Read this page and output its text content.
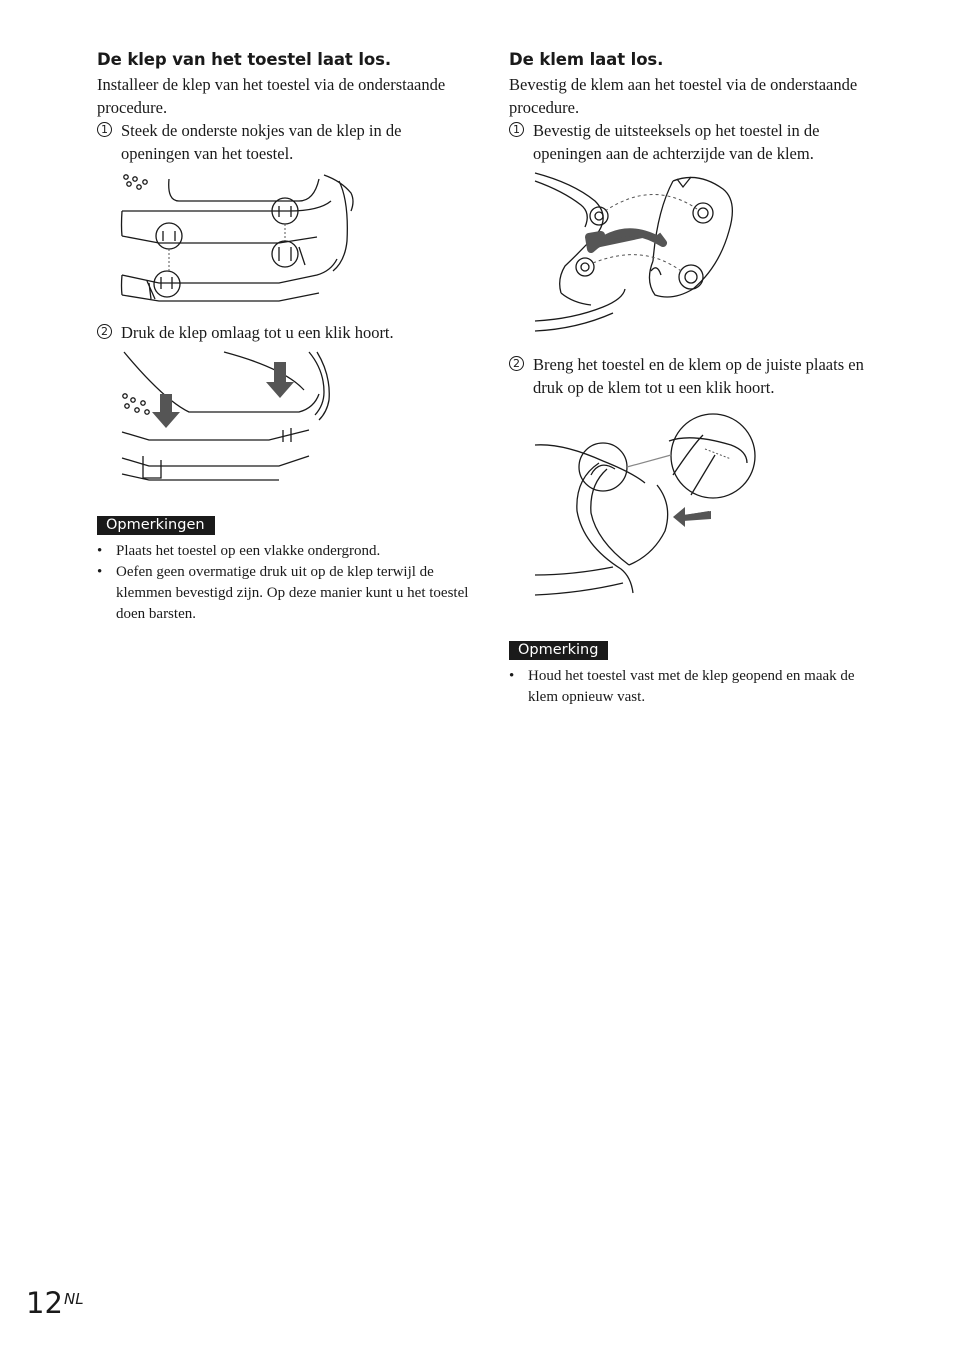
De klep van het toestel laat los.

Installeer de klep van het toestel via de onderstaande procedure.

1 Steek de onderste nokjes van de klep in de openingen van het toestel.

2 Druk de klep omlaag tot u een klik hoort.

Opmerkingen
• Plaats het toestel op een vlakke ondergrond.
• Oefen geen overmatige druk uit op de klep terwijl de klemmen bevestigd zijn. Op deze manier kunt u het toestel doen barsten.
De klem laat los.

Bevestig de klem aan het toestel via de onderstaande procedure.

1 Bevestig de uitsteeksels op het toestel in de openingen aan de achterzijde van de klem.

2 Breng het toestel en de klem op de juiste plaats en druk op de klem tot u een klik hoort.

Opmerking
• Houd het toestel vast met de klep geopend en maak de klem opnieuw vast.
12 NL
